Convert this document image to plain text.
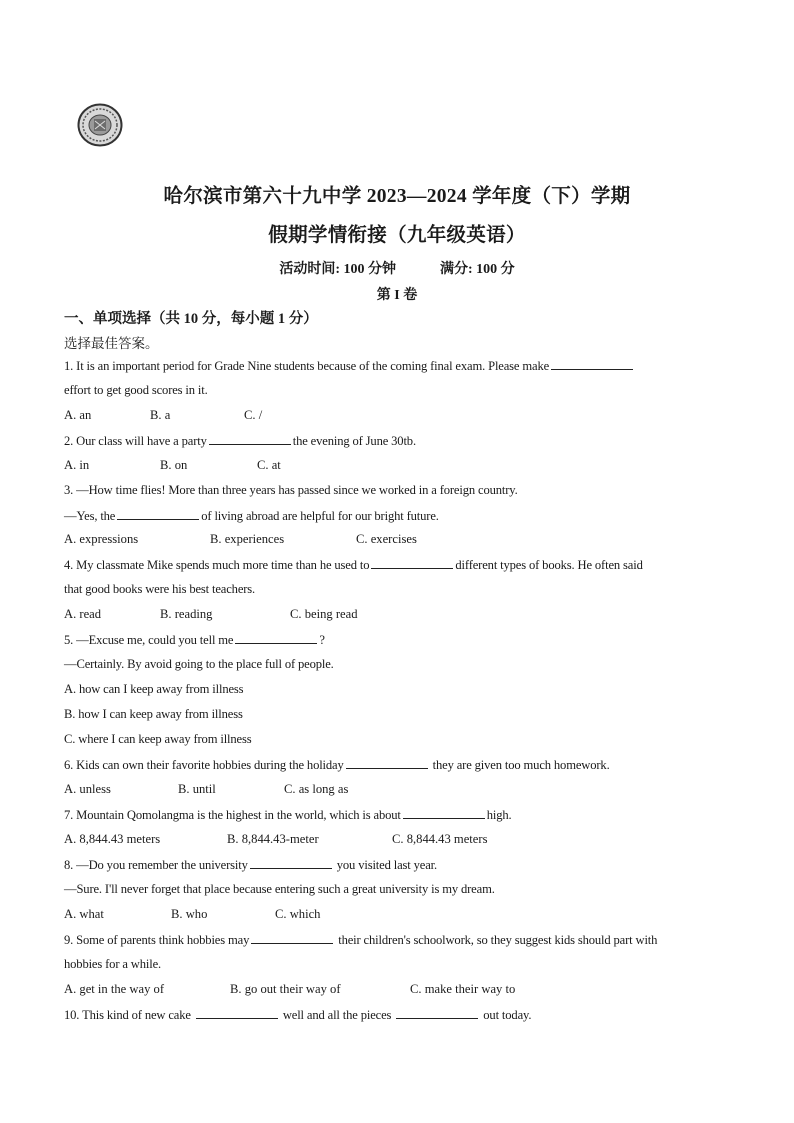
哈尔滨市第六十九中学 2023—2024 学年度（下）学期
假期学情衔接（九年级英语）
活动时间: 100 分钟	满分: 100 分
第 I 卷
一、单项选择（共 10 分，每小题 1 分）
选择最佳答案。
1. It is an important period for Grade Nine students because of the coming final exam. Please make
effort to get good scores in it.
A. an	B. a	C. /
2. Our class will have a party	the evening of June 30tb.
A. in	B. on	C. at
3. —How time flies! More than three years has passed since we worked in a foreign country.
—Yes, the	of living abroad are helpful for our bright future.
A. expressions	B. experiences	C. exercises
4. My classmate Mike spends much more time than he used to	different types of books. He often said
that good books were his best teachers.
A. read	B. reading	C. being read
5. —Excuse me, could you tell me	?
—Certainly. By avoid going to the place full of people.
A. how can I keep away from illness
B. how I can keep away from illness
C. where I can keep away from illness
6. Kids can own their favorite hobbies during the holiday	they are given too much homework.
A. unless	B. until	C. as long as
7. Mountain Qomolangma is the highest in the world, which is about	high.
A. 8,844.43 meters	B. 8,844.43-meter	C. 8,844.43 meters
8. —Do you remember the university	you visited last year.
—Sure. I'll never forget that place because entering such a great university is my dream.
A. what	B. who	C. which
9. Some of parents think hobbies may	their children's schoolwork, so they suggest kids should part with
hobbies for a while.
A. get in the way of	B. go out their way of	C. make their way to
10. This kind of new cake	well and all the pieces	out today.
